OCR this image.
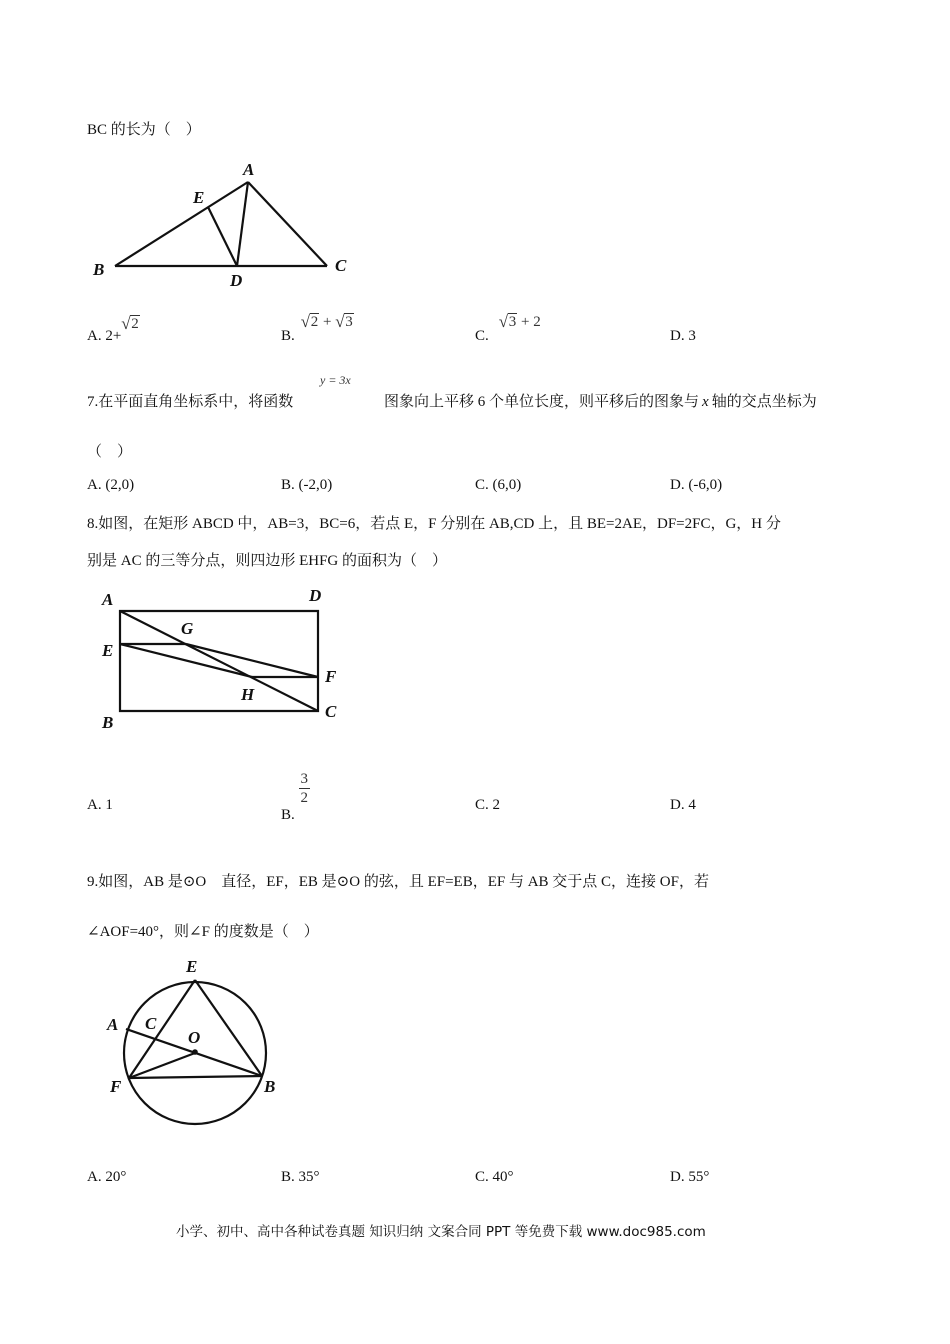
BC 的长为（　）
A
E
B	C
D
A. 2+
√ 2
B.
√ 2 + √ 3
C.
√ 3 + 2
D. 3
7.在平面直角坐标系中，将函数
y = 3x
图象向上平移 6 个单位长度，则平移后的图象与 x 轴的交点坐标为
（　）
A. (2,0)	B. (-2,0)	C. (6,0)	D. (-6,0)
8.如图，在矩形 ABCD 中，AB=3，BC=6，若点 E，F 分别在 AB,CD 上，且 BE=2AE，DF=2FC，G，H 分
别是 AC 的三等分点，则四边形 EHFG 的面积为（　）
A	D
G
E
F
H
C
B
A. 1
B.
$\frac{3}{2}$	C. 2	D. 4
9.如图，AB 是⊙O　直径，EF，EB 是⊙O 的弦，且 EF=EB，EF 与 AB 交于点 C，连接 OF，若
∠AOF=40°，则∠F 的度数是（　）
E
A C
O
F	B
A. 20°	B. 35°	C. 40°	D. 55°
小学、初中、高中各种试卷真题 知识归纳 文案合同 PPT 等免费下载 www.doc985.com
